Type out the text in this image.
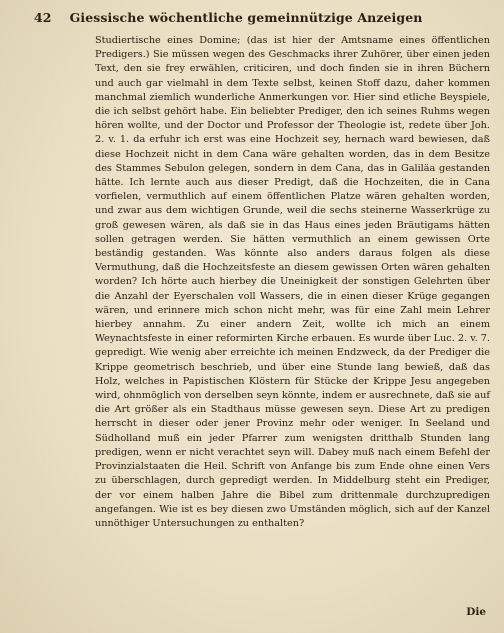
42 Giessische wöchentliche gemeinnützige Anzeigen

Studiertische eines Domine; (das ist hier der Amtsname eines öffentlichen Predigers.) Sie müssen wegen des Geschmacks ihrer Zuhörer, über einen jeden Text, den sie frey erwählen, criticiren, und doch finden sie in ihren Büchern und auch gar vielmahl in dem Texte selbst, keinen Stoff dazu, daher kommen manchmal ziemlich wunderliche Anmerkungen vor. Hier sind etliche Beyspiele, die ich selbst gehört habe. Ein beliebter Prediger, den ich seines Ruhms wegen hören wollte, und der Doctor und Professor der Theologie ist, redete über Joh. 2. v. 1. da erfuhr ich erst was eine Hochzeit sey, hernach ward bewiesen, daß diese Hochzeit nicht in dem Cana wäre gehalten worden, das in dem Besitze des Stammes Sebulon gelegen, sondern in dem Cana, das in Galiläa gestanden hätte. Ich lernte auch aus dieser Predigt, daß die Hochzeiten, die in Cana vorfielen, vermuthlich auf einem öffentlichen Platze wären gehalten worden, und zwar aus dem wichtigen Grunde, weil die sechs steinerne Wasserkrüge zu groß gewesen wären, als daß sie in das Haus eines jeden Bräutigams hätten sollen getragen werden. Sie hätten vermuthlich an einem gewissen Orte beständig gestanden. Was könnte also anders daraus folgen als diese Vermuthung, daß die Hochzeitsfeste an diesem gewissen Orten wären gehalten worden? Ich hörte auch hierbey die Uneinigkeit der sonstigen Gelehrten über die Anzahl der Eyerschalen voll Wassers, die in einen dieser Krüge gegangen wären, und erinnere mich schon nicht mehr, was für eine Zahl mein Lehrer hierbey annahm. Zu einer andern Zeit, wollte ich mich an einem Weynachtsfeste in einer reformirten Kirche erbauen. Es wurde über Luc. 2. v. 7. gepredigt. Wie wenig aber erreichte ich meinen Endzweck, da der Prediger die Krippe geometrisch beschrieb, und über eine Stunde lang bewieß, daß das Holz, welches in Papistischen Klöstern für Stücke der Krippe Jesu angegeben wird, ohnmöglich von derselben seyn könnte, indem er ausrechnete, daß sie auf die Art größer als ein Stadthaus müsse gewesen seyn. Diese Art zu predigen herrscht in dieser oder jener Provinz mehr oder weniger. In Seeland und Südholland muß ein jeder Pfarrer zum wenigsten dritthalb Stunden lang predigen, wenn er nicht verachtet seyn will. Dabey muß nach einem Befehl der Provinzialstaaten die Heil. Schrift von Anfange bis zum Ende ohne einen Vers zu überschlagen, durch gepredigt werden. In Middelburg steht ein Prediger, der vor einem halben Jahre die Bibel zum drittenmale durchzupredigen angefangen. Wie ist es bey diesen zwo Umständen möglich, sich auf der Kanzel unnöthiger Untersuchungen zu enthalten?

Die
